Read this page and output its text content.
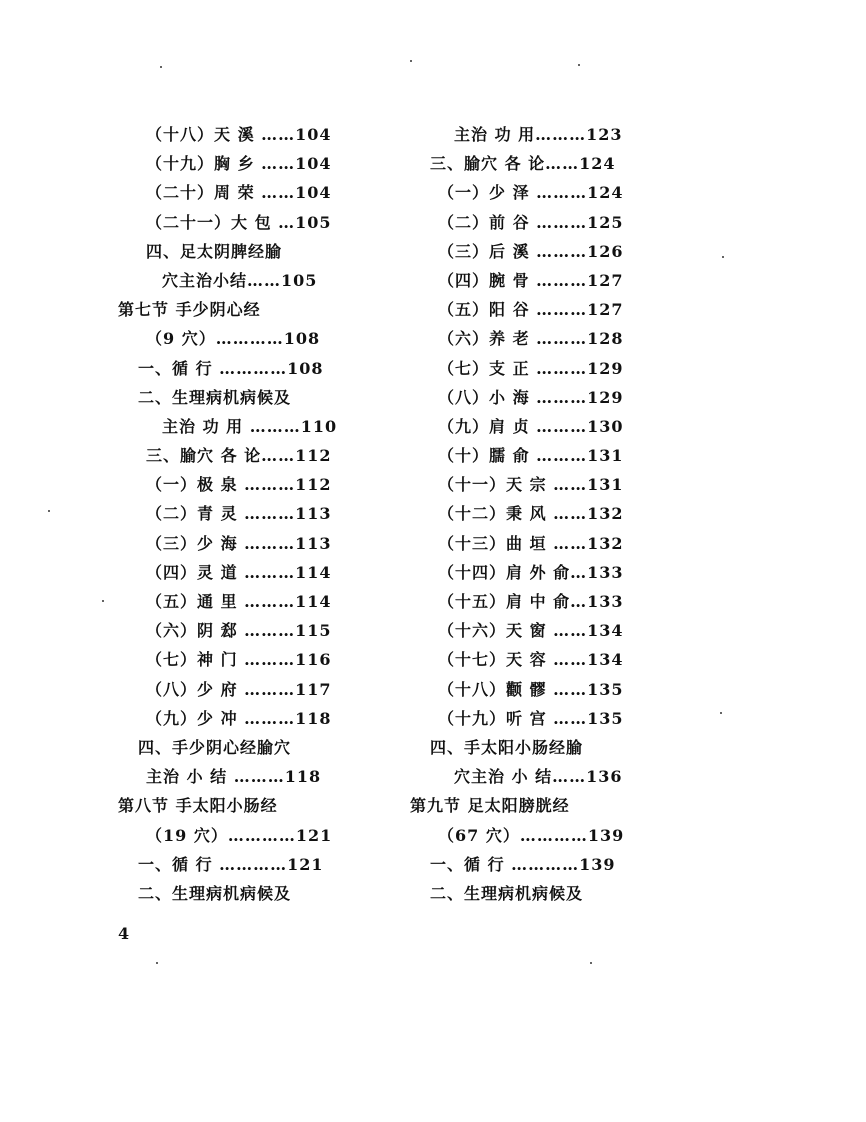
（十八）天 溪 ……104
（十九）胸 乡 ……104
（二十）周 荣 ……104
（二十一）大 包 …105
四、足太阴脾经腧
穴主治小结……105
第七节 手少阴心经
（9 穴）…………108
一、循 行 …………108
二、生理病机病候及
主治 功 用 ………110
三、腧穴 各 论……112
（一）极 泉 ………112
（二）青 灵 ………113
（三）少 海 ………113
（四）灵 道 ………114
（五）通 里 ………114
（六）阴 郄 ………115
（七）神 门 ………116
（八）少 府 ………117
（九）少 冲 ………118
四、手少阴心经腧穴
主治 小 结 ………118
第八节 手太阳小肠经
（19 穴）…………121
一、循 行 …………121
二、生理病机病候及
主治 功 用………123
三、腧穴 各 论……124
（一）少 泽 ………124
（二）前 谷 ………125
（三）后 溪 ………126
（四）腕 骨 ………127
（五）阳 谷 ………127
（六）养 老 ………128
（七）支 正 ………129
（八）小 海 ………129
（九）肩 贞 ………130
（十）臑 俞 ………131
（十一）天 宗 ……131
（十二）秉 风 ……132
（十三）曲 垣 ……132
（十四）肩 外 俞…133
（十五）肩 中 俞…133
（十六）天 窗 ……134
（十七）天 容 ……134
（十八）颧 髎 ……135
（十九）听 宫 ……135
四、手太阳小肠经腧
穴主治 小 结……136
第九节 足太阳膀胱经
（67 穴）…………139
一、循 行 …………139
二、生理病机病候及
4
